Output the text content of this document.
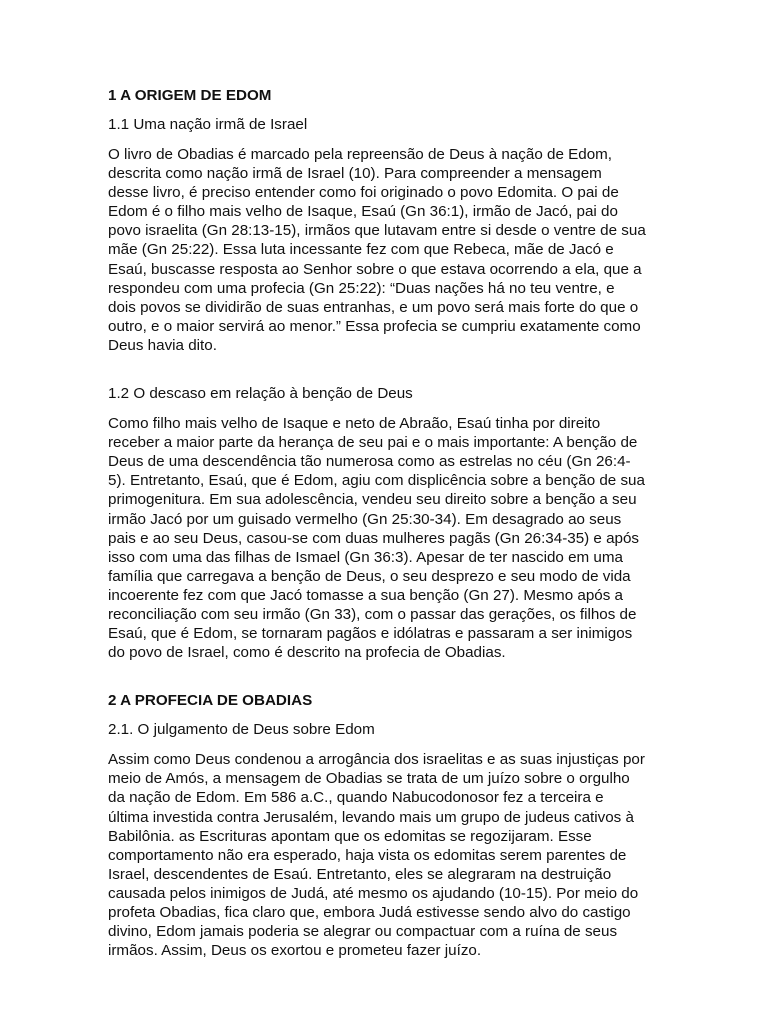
1 A ORIGEM DE EDOM
1.1 Uma nação irmã de Israel
O livro de Obadias é marcado pela repreensão de Deus à nação de Edom,
descrita como nação irmã de Israel (10). Para compreender a mensagem
desse livro, é preciso entender como foi originado o povo Edomita. O pai de
Edom é o filho mais velho de Isaque, Esaú (Gn 36:1), irmão de Jacó, pai do
povo israelita (Gn 28:13-15), irmãos que lutavam entre si desde o ventre de sua
mãe (Gn 25:22). Essa luta incessante fez com que Rebeca, mãe de Jacó e
Esaú, buscasse resposta ao Senhor sobre o que estava ocorrendo a ela, que a
respondeu com uma profecia (Gn 25:22): “Duas nações há no teu ventre, e
dois povos se dividirão de suas entranhas, e um povo será mais forte do que o
outro, e o maior servirá ao menor.” Essa profecia se cumpriu exatamente como
Deus havia dito.
1.2 O descaso em relação à benção de Deus
Como filho mais velho de Isaque e neto de Abraão, Esaú tinha por direito
receber a maior parte da herança de seu pai e o mais importante: A benção de
Deus de uma descendência tão numerosa como as estrelas no céu (Gn 26:4-
5). Entretanto, Esaú, que é Edom, agiu com displicência sobre a benção de sua
primogenitura. Em sua adolescência, vendeu seu direito sobre a benção a seu
irmão Jacó por um guisado vermelho (Gn 25:30-34). Em desagrado ao seus
pais e ao seu Deus, casou-se com duas mulheres pagãs (Gn 26:34-35) e após
isso com uma das filhas de Ismael (Gn 36:3). Apesar de ter nascido em uma
família que carregava a benção de Deus, o seu desprezo e seu modo de vida
incoerente fez com que Jacó tomasse a sua benção (Gn 27). Mesmo após a
reconciliação com seu irmão (Gn 33), com o passar das gerações, os filhos de
Esaú, que é Edom, se tornaram pagãos e idólatras e passaram a ser inimigos
do povo de Israel, como é descrito na profecia de Obadias.
2 A PROFECIA DE OBADIAS
2.1. O julgamento de Deus sobre Edom
Assim como Deus condenou a arrogância dos israelitas e as suas injustiças por
meio de Amós, a mensagem de Obadias se trata de um juízo sobre o orgulho
da nação de Edom. Em 586 a.C., quando Nabucodonosor fez a terceira e
última investida contra Jerusalém, levando mais um grupo de judeus cativos à
Babilônia. as Escrituras apontam que os edomitas se regozijaram. Esse
comportamento não era esperado, haja vista os edomitas serem parentes de
Israel, descendentes de Esaú. Entretanto, eles se alegraram na destruição
causada pelos inimigos de Judá, até mesmo os ajudando (10-15). Por meio do
profeta Obadias, fica claro que, embora Judá estivesse sendo alvo do castigo
divino, Edom jamais poderia se alegrar ou compactuar com a ruína de seus
irmãos. Assim, Deus os exortou e prometeu fazer juízo.
